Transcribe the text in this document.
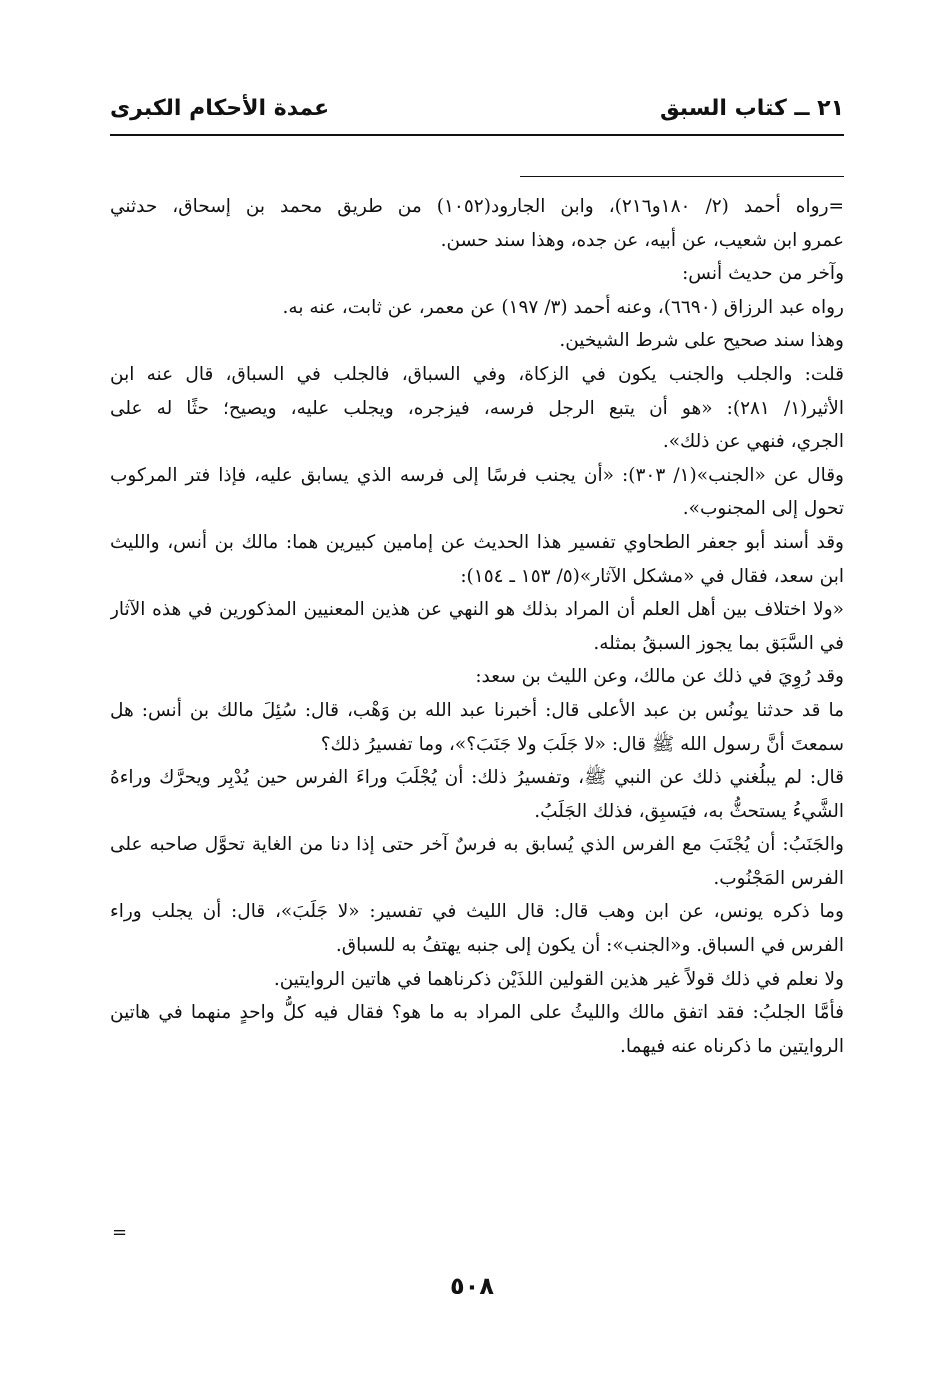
٢١ ــ كتاب السبق
عمدة الأحكام الكبرى
=رواه أحمد (٢/ ١٨٠و٢١٦)، وابن الجارود(١٠٥٢) من طريق محمد بن إسحاق، حدثني
عمرو ابن شعيب، عن أبيه، عن جده، وهذا سند حسن.
وآخر من حديث أنس:
رواه عبد الرزاق (٦٦٩٠)، وعنه أحمد (٣/ ١٩٧) عن معمر، عن ثابت، عنه به.
وهذا سند صحيح على شرط الشيخين.
قلت: والجلب والجنب يكون في الزكاة، وفي السباق، فالجلب في السباق، قال عنه ابن
الأثير(١/ ٢٨١): «هو أن يتبع الرجل فرسه، فيزجره، ويجلب عليه، ويصيح؛ حثًا له على
الجري، فنهي عن ذلك».
وقال عن «الجنب»(١/ ٣٠٣): «أن يجنب فرسًا إلى فرسه الذي يسابق عليه، فإذا فتر المركوب
تحول إلى المجنوب».
وقد أسند أبو جعفر الطحاوي تفسير هذا الحديث عن إمامين كبيرين هما: مالك بن أنس، والليث
ابن سعد، فقال في «مشكل الآثار»(٥/ ١٥٣ ـ ١٥٤):
«ولا اختلاف بين أهل العلم أن المراد بذلك هو النهي عن هذين المعنيين المذكورين في هذه الآثار
في السَّبَق بما يجوز السبقُ بمثله.
وقد رُوِيَ في ذلك عن مالك، وعن الليث بن سعد:
ما قد حدثنا يونُس بن عبد الأعلى قال: أخبرنا عبد الله بن وَهْب، قال: سُئِلَ مالك بن أنس: هل
سمعتَ أنَّ رسول الله ﷺ قال: «لا جَلَبَ ولا جَنَبَ؟»، وما تفسيرُ ذلك؟
قال: لم يبلُغني ذلك عن النبي ﷺ، وتفسيرُ ذلك: أن يُجْلَبَ وراءَ الفرس حين يُدْبِر ويحرَّك وراءهُ
الشَّيءُ يستحثُّ به، فيَسبِق، فذلك الجَلَبُ.
والجَنَبُ: أن يُجْنَبَ مع الفرس الذي يُسابق به فرسٌ آخر حتى إذا دنا من الغاية تحوَّل صاحبه على
الفرس المَجْنُوب.
وما ذكره يونس، عن ابن وهب قال: قال الليث في تفسير: «لا جَلَبَ»، قال: أن يجلب وراء
الفرس في السباق. و«الجنب»: أن يكون إلى جنبه يهتفُ به للسباق.
ولا نعلم في ذلك قولاً غير هذين القولين اللذَيْن ذكرناهما في هاتين الروايتين.
فأمَّا الجلبُ: فقد اتفق مالك والليثُ على المراد به ما هو؟ فقال فيه كلُّ واحدٍ منهما في هاتين
الروايتين ما ذكرناه عنه فيهما.
=
٥٠٨
